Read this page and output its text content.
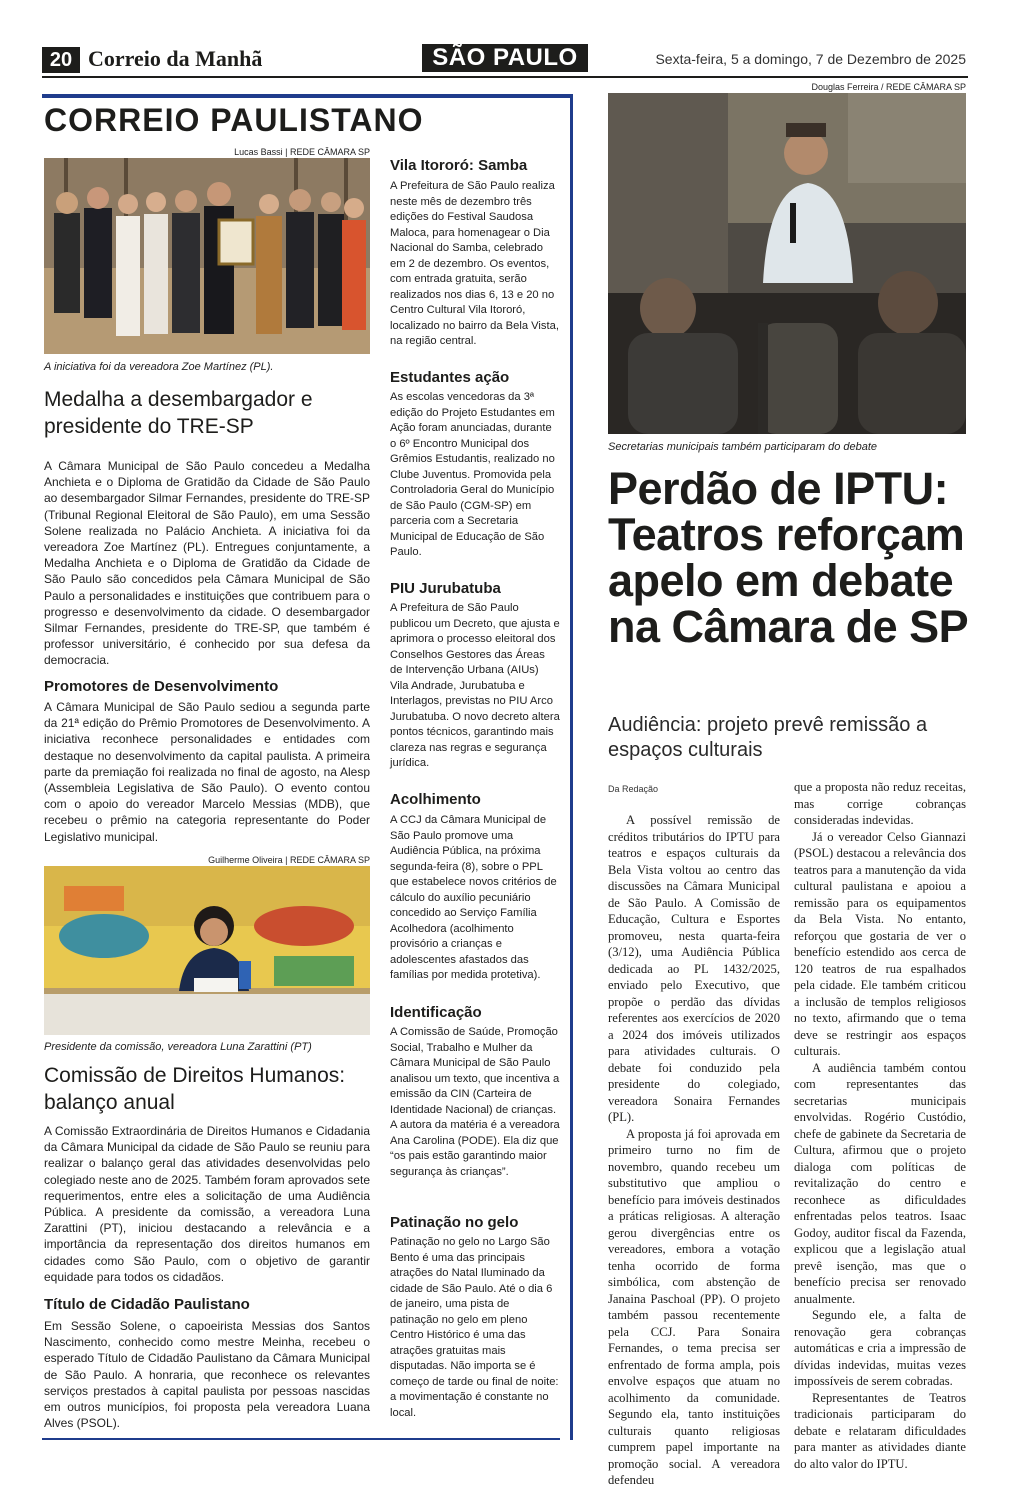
20 Correio da Manhã	SÃO PAULO	Sexta-feira, 5 a domingo, 7 de Dezembro de 2025
CORREIO PAULISTANO
Lucas Bassi | REDE CÂMARA SP
A iniciativa foi da vereadora Zoe Martínez (PL).
Medalha a desembargador e presidente do TRE-SP
A Câmara Municipal de São Paulo concedeu a Medalha Anchieta e o Diploma de Gratidão da Cidade de São Paulo ao desembargador Silmar Fernandes, presidente do TRE-SP (Tribunal Regional Eleitoral de São Paulo), em uma Sessão Solene realizada no Palácio Anchieta. A iniciativa foi da vereadora Zoe Martínez (PL). Entregues conjuntamente, a Medalha Anchieta e o Diploma de Gratidão da Cidade de São Paulo são concedidos pela Câmara Municipal de São Paulo a personalidades e instituições que contribuem para o progresso e desenvolvimento da cidade. O desembargador Silmar Fernandes, presidente do TRE-SP, que também é professor universitário, é conhecido por sua defesa da democracia.
Promotores de Desenvolvimento
A Câmara Municipal de São Paulo sediou a segunda parte da 21ª edição do Prêmio Promotores de Desenvolvimento. A iniciativa reconhece personalidades e entidades com destaque no desenvolvimento da capital paulista. A primeira parte da premiação foi realizada no final de agosto, na Alesp (Assembleia Legislativa de São Paulo). O evento contou com o apoio do vereador Marcelo Messias (MDB), que recebeu o prêmio na categoria representante do Poder Legislativo municipal.
Guilherme Oliveira | REDE CÂMARA SP
Presidente da comissão, vereadora Luna Zarattini (PT)
Comissão de Direitos Humanos: balanço anual
A Comissão Extraordinária de Direitos Humanos e Cidadania da Câmara Municipal da cidade de São Paulo se reuniu para realizar o balanço geral das atividades desenvolvidas pelo colegiado neste ano de 2025. Também foram aprovados sete requerimentos, entre eles a solicitação de uma Audiência Pública. A presidente da comissão, a vereadora Luna Zarattini (PT), iniciou destacando a relevância e a importância da representação dos direitos humanos em cidades como São Paulo, com o objetivo de garantir equidade para todos os cidadãos.
Título de Cidadão Paulistano
Em Sessão Solene, o capoeirista Messias dos Santos Nascimento, conhecido como mestre Meinha, recebeu o esperado Título de Cidadão Paulistano da Câmara Municipal de São Paulo. A honraria, que reconhece os relevantes serviços prestados à capital paulista por pessoas nascidas em outros municípios, foi proposta pela vereadora Luana Alves (PSOL).
Vila Itororó: Samba
A Prefeitura de São Paulo realiza neste mês de dezembro três edições do Festival Saudosa Maloca, para homenagear o Dia Nacional do Samba, celebrado em 2 de dezembro. Os eventos, com entrada gratuita, serão realizados nos dias 6, 13 e 20 no Centro Cultural Vila Itororó, localizado no bairro da Bela Vista, na região central.
Estudantes ação
As escolas vencedoras da 3ª edição do Projeto Estudantes em Ação foram anunciadas, durante o 6º Encontro Municipal dos Grêmios Estudantis, realizado no Clube Juventus. Promovida pela Controladoria Geral do Município de São Paulo (CGM-SP) em parceria com a Secretaria Municipal de Educação de São Paulo.
PIU Jurubatuba
A Prefeitura de São Paulo publicou um Decreto, que ajusta e aprimora o processo eleitoral dos Conselhos Gestores das Áreas de Intervenção Urbana (AIUs) Vila Andrade, Jurubatuba e Interlagos, previstas no PIU Arco Jurubatuba. O novo decreto altera pontos técnicos, garantindo mais clareza nas regras e segurança jurídica.
Acolhimento
A CCJ da Câmara Municipal de São Paulo promove uma Audiência Pública, na próxima segunda-feira (8), sobre o PPL que estabelece novos critérios de cálculo do auxílio pecuniário concedido ao Serviço Família Acolhedora (acolhimento provisório a crianças e adolescentes afastados das famílias por medida protetiva).
Identificação
A Comissão de Saúde, Promoção Social, Trabalho e Mulher da Câmara Municipal de São Paulo analisou um texto, que incentiva a emissão da CIN (Carteira de Identidade Nacional) de crianças. A autora da matéria é a vereadora Ana Carolina (PODE). Ela diz que “os pais estão garantindo maior segurança às crianças”.
Patinação no gelo
Patinação no gelo no Largo São Bento é uma das principais atrações do Natal Iluminado da cidade de São Paulo. Até o dia 6 de janeiro, uma pista de patinação no gelo em pleno Centro Histórico é uma das atrações gratuitas mais disputadas. Não importa se é começo de tarde ou final de noite: a movimentação é constante no local.
Douglas Ferreira / REDE CÂMARA SP
Secretarias municipais também participaram do debate
Perdão de IPTU: Teatros reforçam apelo em debate na Câmara de SP
Audiência: projeto prevê remissão a espaços culturais
Da Redação

A possível remissão de créditos tributários do IPTU para teatros e espaços culturais da Bela Vista voltou ao centro das discussões na Câmara Municipal de São Paulo. A Comissão de Educação, Cultura e Esportes promoveu, nesta quarta-feira (3/12), uma Audiência Pública dedicada ao PL 1432/2025, enviado pelo Executivo, que propõe o perdão das dívidas referentes aos exercícios de 2020 a 2024 dos imóveis utilizados para atividades culturais. O debate foi conduzido pela presidente do colegiado, vereadora Sonaira Fernandes (PL).

A proposta já foi aprovada em primeiro turno no fim de novembro, quando recebeu um substitutivo que ampliou o benefício para imóveis destinados a práticas religiosas. A alteração gerou divergências entre os vereadores, embora a votação tenha ocorrido de forma simbólica, com abstenção de Janaina Paschoal (PP). O projeto também passou recentemente pela CCJ. Para Sonaira Fernandes, o tema precisa ser enfrentado de forma ampla, pois envolve espaços que atuam no acolhimento da comunidade. Segundo ela, tanto instituições culturais quanto religiosas cumprem papel importante na promoção social. A vereadora defendeu

que a proposta não reduz receitas, mas corrige cobranças consideradas indevidas.

Já o vereador Celso Giannazi (PSOL) destacou a relevância dos teatros para a manutenção da vida cultural paulistana e apoiou a remissão para os equipamentos da Bela Vista. No entanto, reforçou que gostaria de ver o benefício estendido aos cerca de 120 teatros de rua espalhados pela cidade. Ele também criticou a inclusão de templos religiosos no texto, afirmando que o tema deve se restringir aos espaços culturais.

A audiência também contou com representantes das secretarias municipais envolvidas. Rogério Custódio, chefe de gabinete da Secretaria de Cultura, afirmou que o projeto dialoga com políticas de revitalização do centro e reconhece as dificuldades enfrentadas pelos teatros. Isaac Godoy, auditor fiscal da Fazenda, explicou que a legislação atual prevê isenção, mas que o benefício precisa ser renovado anualmente.

Segundo ele, a falta de renovação gera cobranças automáticas e cria a impressão de dívidas indevidas, muitas vezes impossíveis de serem cobradas.

Representantes de Teatros tradicionais participaram do debate e relataram dificuldades para manter as atividades diante do alto valor do IPTU.
